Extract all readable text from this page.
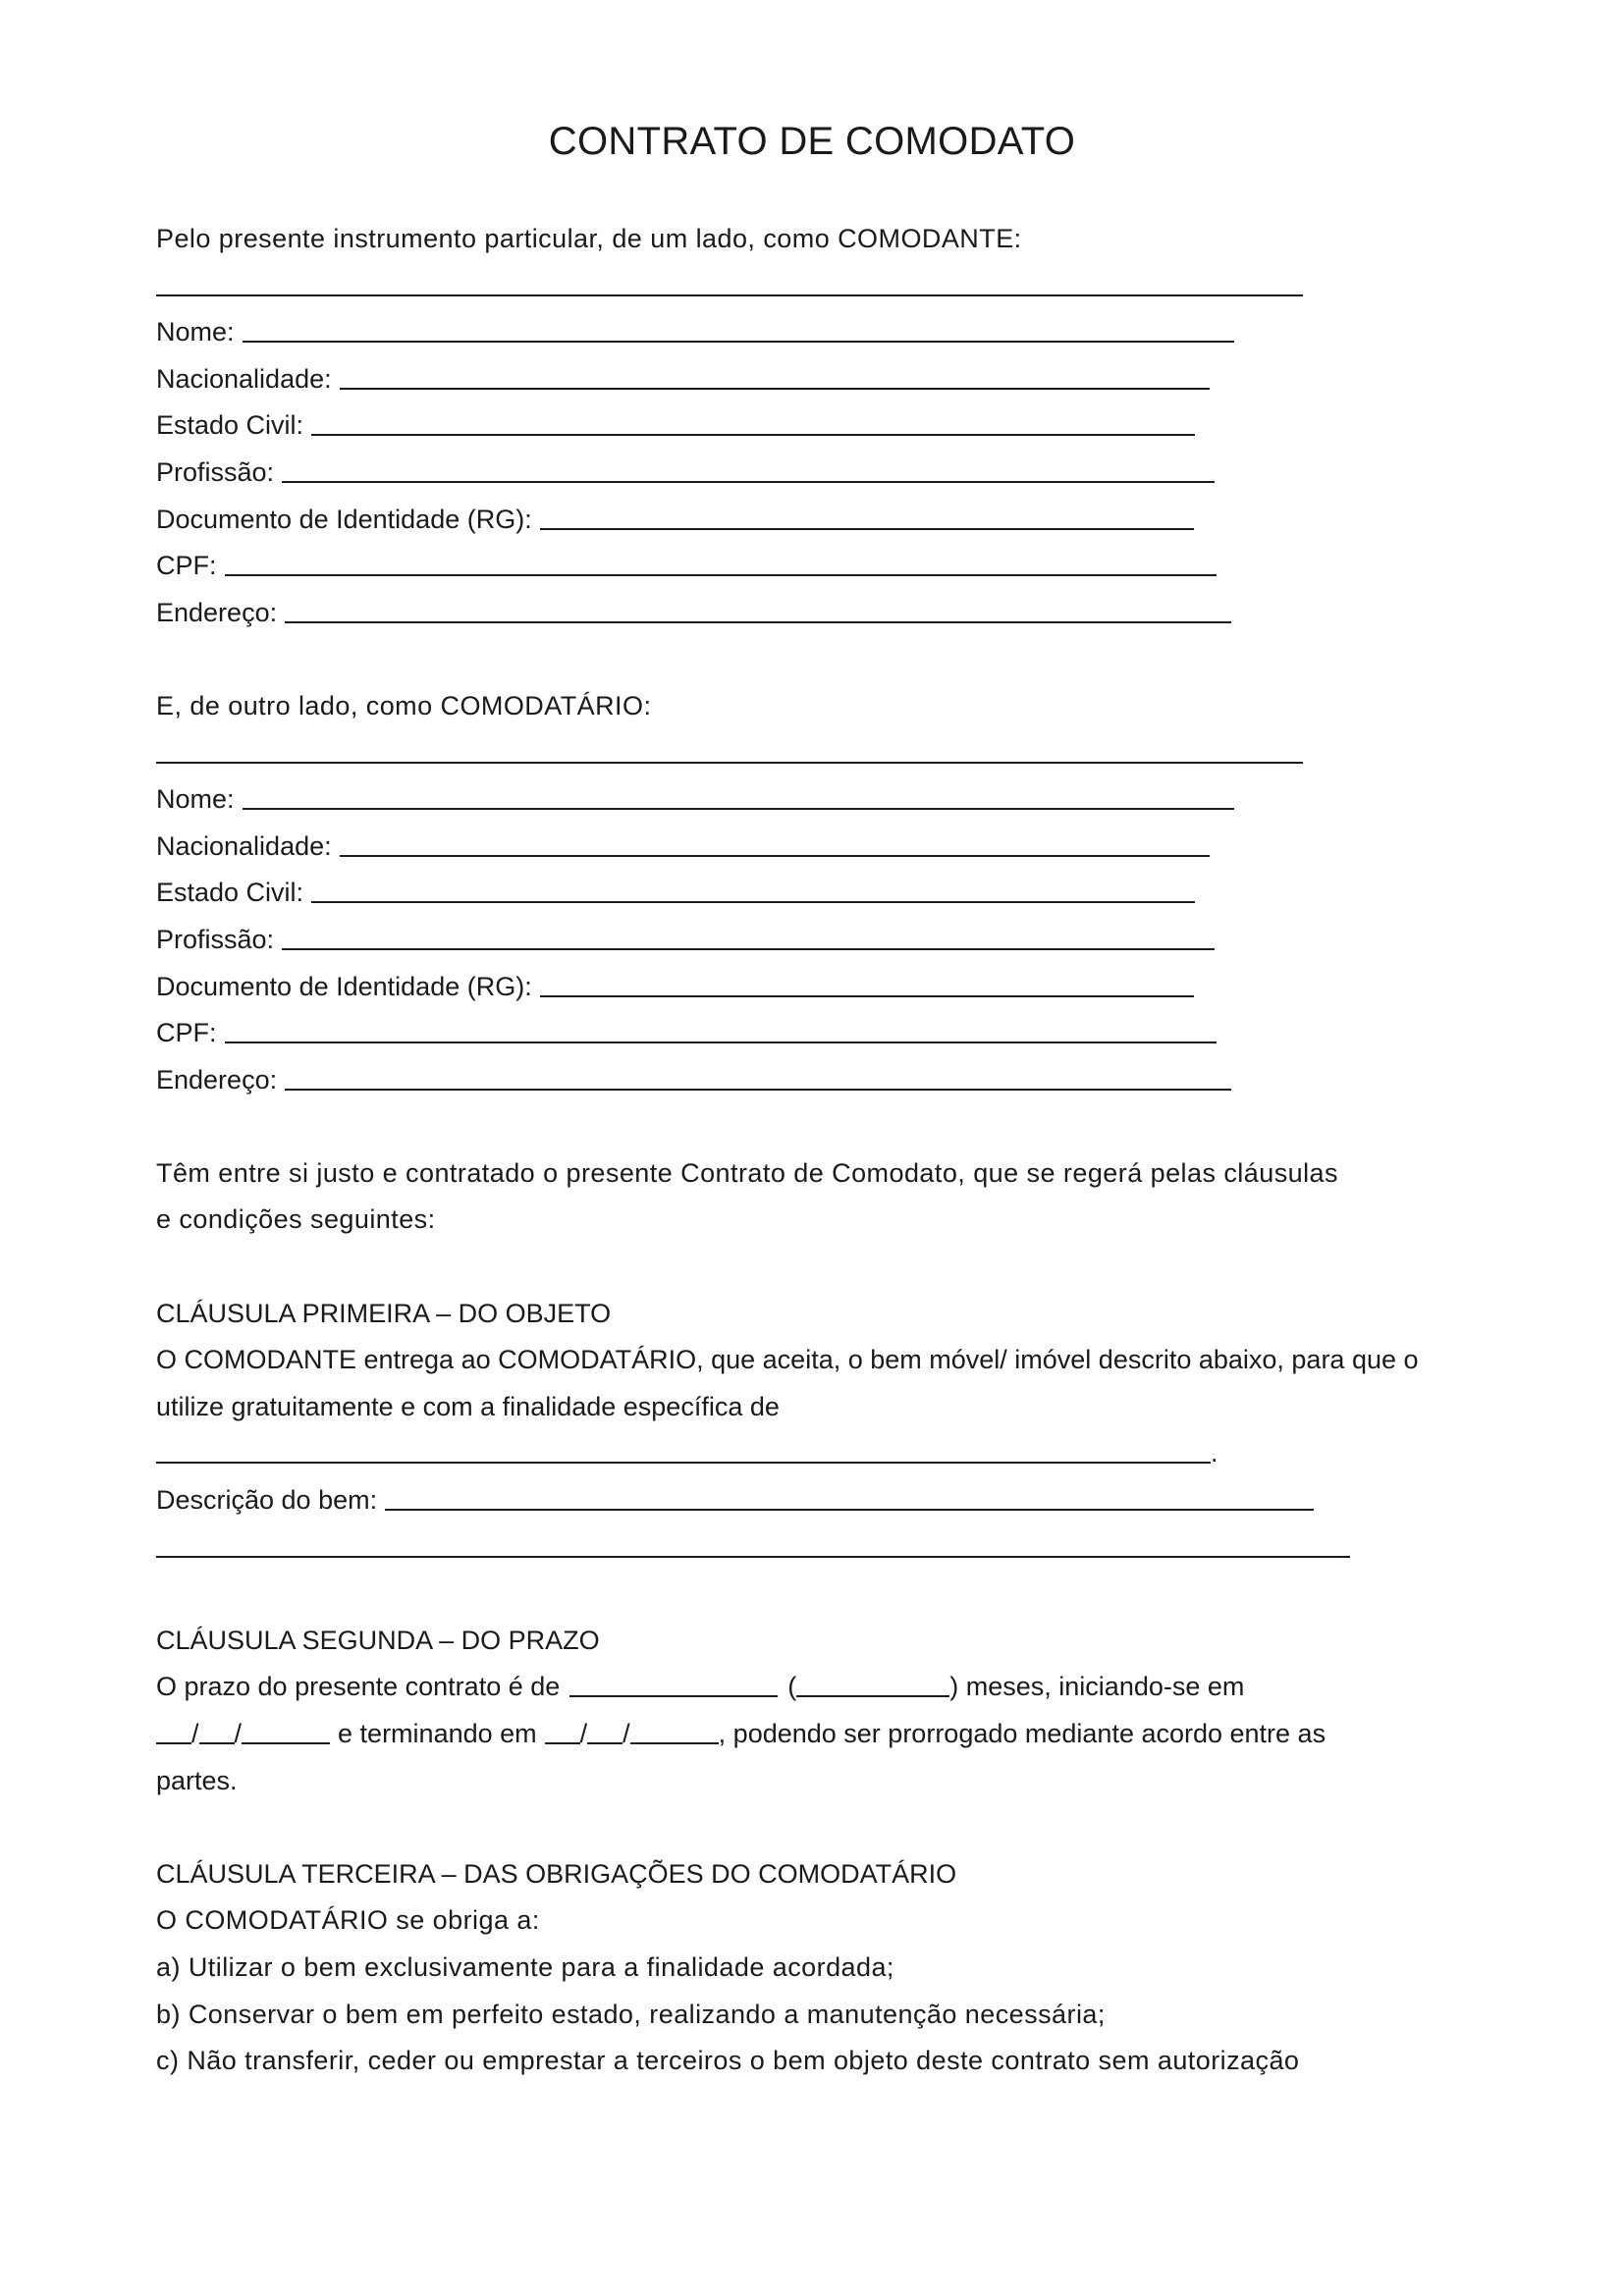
CONTRATO DE COMODATO
Pelo presente instrumento particular, de um lado, como COMODANTE:
Nome:
Nacionalidade:
Estado Civil:
Profissão:
Documento de Identidade (RG):
CPF:
Endereço:
E, de outro lado, como COMODATÁRIO:
Nome:
Nacionalidade:
Estado Civil:
Profissão:
Documento de Identidade (RG):
CPF:
Endereço:
Têm entre si justo e contratado o presente Contrato de Comodato, que se regerá pelas cláusulas
e condições seguintes:
CLÁUSULA PRIMEIRA – DO OBJETO
O COMODANTE entrega ao COMODATÁRIO, que aceita, o bem móvel/ imóvel descrito abaixo, para que o
utilize gratuitamente e com a finalidade específica de
.
Descrição do bem:
CLÁUSULA SEGUNDA – DO PRAZO
O prazo do presente contrato é de	(	) meses, iniciando-se em
/ /	e terminando em / /	, podendo ser prorrogado mediante acordo entre as
partes.
CLÁUSULA TERCEIRA – DAS OBRIGAÇÕES DO COMODATÁRIO
O COMODATÁRIO se obriga a:
a) Utilizar o bem exclusivamente para a finalidade acordada;
b) Conservar o bem em perfeito estado, realizando a manutenção necessária;
c) Não transferir, ceder ou emprestar a terceiros o bem objeto deste contrato sem autorização
